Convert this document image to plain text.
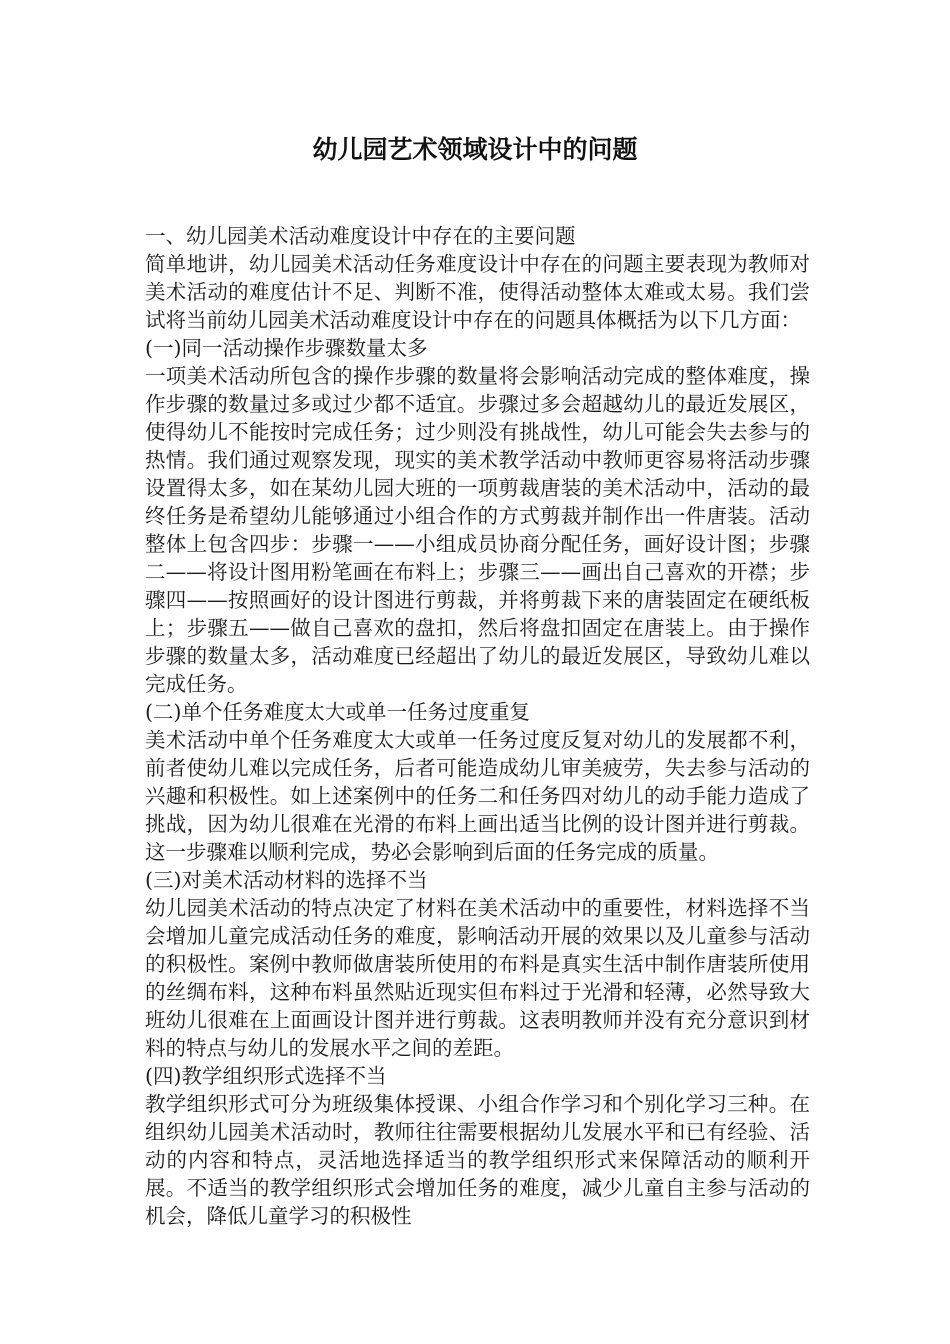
幼儿园艺术领域设计中的问题

一、幼儿园美术活动难度设计中存在的主要问题

简单地讲，幼儿园美术活动任务难度设计中存在的问题主要表现为教师对美术活动的难度估计不足、判断不准，使得活动整体太难或太易。我们尝试将当前幼儿园美术活动难度设计中存在的问题具体概括为以下几方面：

(一)同一活动操作步骤数量太多

一项美术活动所包含的操作步骤的数量将会影响活动完成的整体难度，操作步骤的数量过多或过少都不适宜。步骤过多会超越幼儿的最近发展区，使得幼儿不能按时完成任务；过少则没有挑战性，幼儿可能会失去参与的热情。我们通过观察发现，现实的美术教学活动中教师更容易将活动步骤设置得太多，如在某幼儿园大班的一项剪裁唐装的美术活动中，活动的最终任务是希望幼儿能够通过小组合作的方式剪裁并制作出一件唐装。活动整体上包含四步：步骤一——小组成员协商分配任务，画好设计图；步骤二——将设计图用粉笔画在布料上；步骤三——画出自己喜欢的开襟；步骤四——按照画好的设计图进行剪裁，并将剪裁下来的唐装固定在硬纸板上；步骤五——做自己喜欢的盘扣，然后将盘扣固定在唐装上。由于操作步骤的数量太多，活动难度已经超出了幼儿的最近发展区，导致幼儿难以完成任务。

(二)单个任务难度太大或单一任务过度重复

美术活动中单个任务难度太大或单一任务过度反复对幼儿的发展都不利，前者使幼儿难以完成任务，后者可能造成幼儿审美疲劳，失去参与活动的兴趣和积极性。如上述案例中的任务二和任务四对幼儿的动手能力造成了挑战，因为幼儿很难在光滑的布料上画出适当比例的设计图并进行剪裁。这一步骤难以顺利完成，势必会影响到后面的任务完成的质量。

(三)对美术活动材料的选择不当

幼儿园美术活动的特点决定了材料在美术活动中的重要性，材料选择不当会增加儿童完成活动任务的难度，影响活动开展的效果以及儿童参与活动的积极性。案例中教师做唐装所使用的布料是真实生活中制作唐装所使用的丝绸布料，这种布料虽然贴近现实但布料过于光滑和轻薄，必然导致大班幼儿很难在上面画设计图并进行剪裁。这表明教师并没有充分意识到材料的特点与幼儿的发展水平之间的差距。

(四)教学组织形式选择不当

教学组织形式可分为班级集体授课、小组合作学习和个别化学习三种。在组织幼儿园美术活动时，教师往往需要根据幼儿发展水平和已有经验、活动的内容和特点，灵活地选择适当的教学组织形式来保障活动的顺利开展。不适当的教学组织形式会增加任务的难度，减少儿童自主参与活动的机会，降低儿童学习的积极性
